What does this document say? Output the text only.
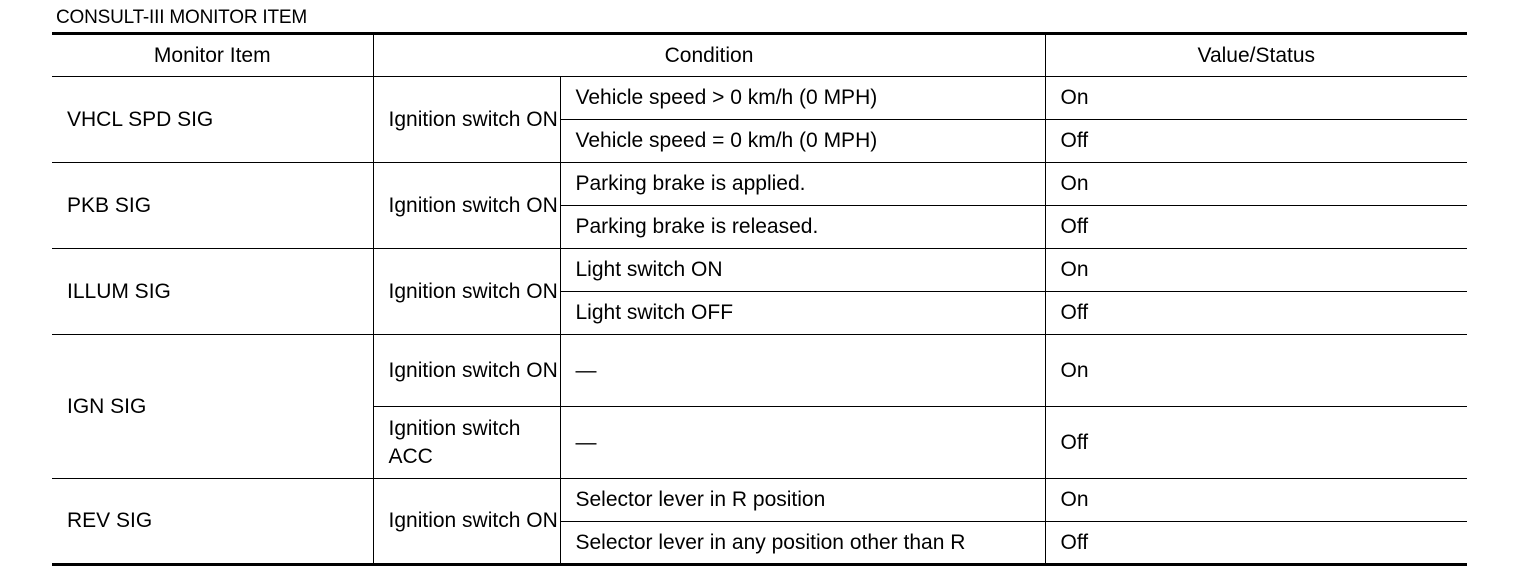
CONSULT-III MONITOR ITEM
Monitor Item	Condition		Value/Status
VHCL SPD SIG	Ignition switch ON	Vehicle speed > 0 km/h (0 MPH)	On
		Vehicle speed = 0 km/h (0 MPH)	Off
PKB SIG	Ignition switch ON	Parking brake is applied.	On
		Parking brake is released.	Off
ILLUM SIG	Ignition switch ON	Light switch ON	On
		Light switch OFF	Off
IGN SIG	Ignition switch ON	—	On
	Ignition switch ACC	—	Off
REV SIG	Ignition switch ON	Selector lever in R position	On
		Selector lever in any position other than R	Off
